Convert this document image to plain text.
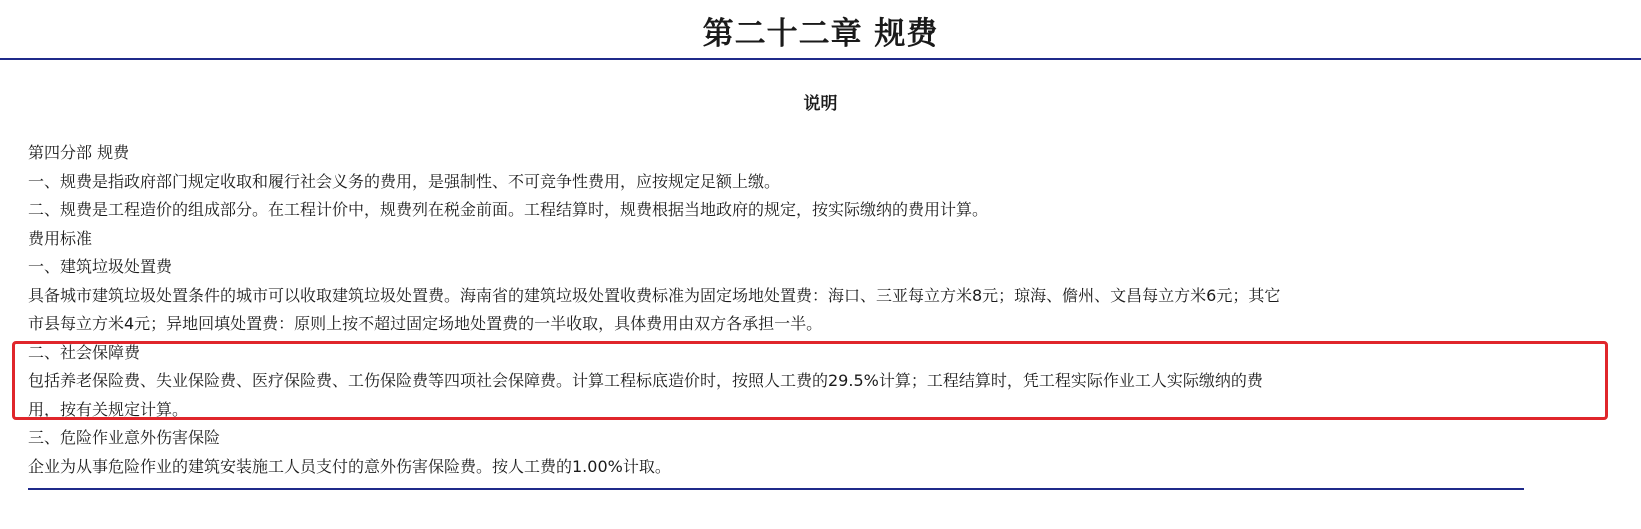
第二十二章 规费
说明
第四分部 规费
一、规费是指政府部门规定收取和履行社会义务的费用，是强制性、不可竞争性费用，应按规定足额上缴。
二、规费是工程造价的组成部分。在工程计价中，规费列在税金前面。工程结算时，规费根据当地政府的规定，按实际缴纳的费用计算。
费用标准
一、建筑垃圾处置费
具备城市建筑垃圾处置条件的城市可以收取建筑垃圾处置费。海南省的建筑垃圾处置收费标准为固定场地处置费：海口、三亚每立方米8元；琼海、儋州、文昌每立方米6元；其它
市县每立方米4元；异地回填处置费：原则上按不超过固定场地处置费的一半收取，具体费用由双方各承担一半。
二、社会保障费
包括养老保险费、失业保险费、医疗保险费、工伤保险费等四项社会保障费。计算工程标底造价时，按照人工费的29.5%计算；工程结算时，凭工程实际作业工人实际缴纳的费
用，按有关规定计算。
三、危险作业意外伤害保险
企业为从事危险作业的建筑安装施工人员支付的意外伤害保险费。按人工费的1.00%计取。
